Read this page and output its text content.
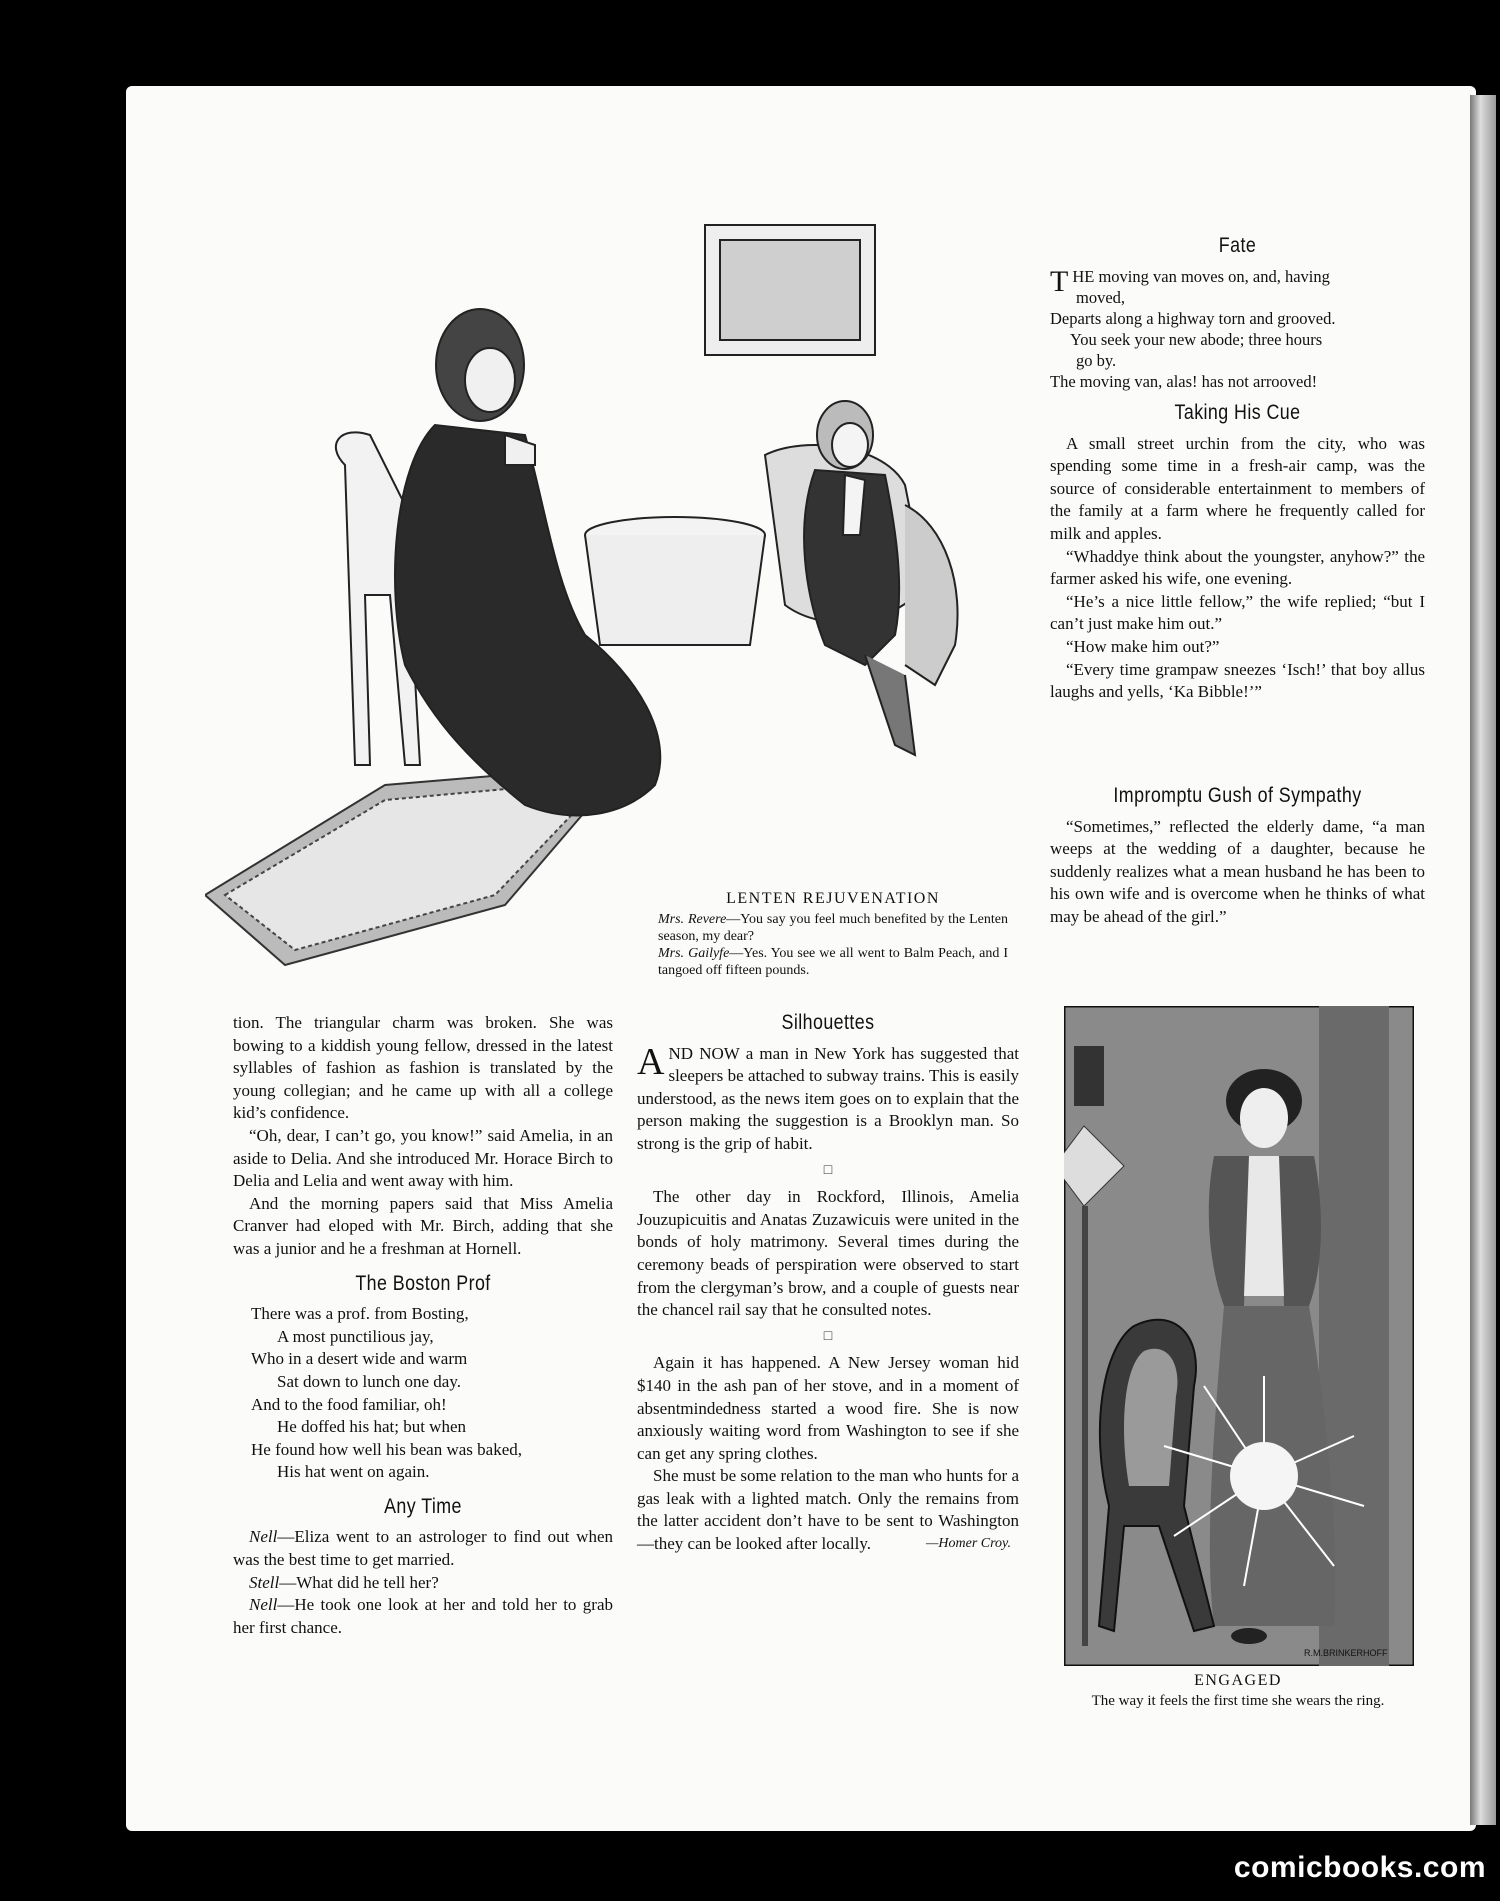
LENTEN REJUVENATION
Mrs. Revere—You say you feel much benefited by the Lenten season, my dear?
Mrs. Gailyfe—Yes. You see we all went to Balm Peach, and I tangoed off fifteen pounds.
Fate
THE moving van moves on, and, having
moved,
Departs along a highway torn and grooved.
You seek your new abode; three hours
go by.
The moving van, alas! has not arrooved!
Taking His Cue

A small street urchin from the city, who was spending some time in a fresh-air camp, was the source of considerable entertainment to members of the family at a farm where he frequently called for milk and apples.

“Whaddye think about the youngster, anyhow?” the farmer asked his wife, one evening.

“He’s a nice little fellow,” the wife replied; “but I can’t just make him out.”

“How make him out?”

“Every time grampaw sneezes ‘Isch!’ that boy allus laughs and yells, ‘Ka Bibble!’”

Impromptu Gush of Sympathy

“Sometimes,” reflected the elderly dame, “a man weeps at the wedding of a daughter, because he suddenly realizes what a mean husband he has been to his own wife and is overcome when he thinks of what may be ahead of the girl.”

tion. The triangular charm was broken. She was bowing to a kiddish young fellow, dressed in the latest syllables of fashion as fashion is translated by the young collegian; and he came up with all a college kid’s confidence.

“Oh, dear, I can’t go, you know!” said Amelia, in an aside to Delia. And she introduced Mr. Horace Birch to Delia and Lelia and went away with him.

And the morning papers said that Miss Amelia Cranver had eloped with Mr. Birch, adding that she was a junior and he a freshman at Hornell.

The Boston Prof
There was a prof. from Bosting,
A most punctilious jay,
Who in a desert wide and warm
Sat down to lunch one day.
And to the food familiar, oh!
He doffed his hat; but when
He found how well his bean was baked,
His hat went on again.
Any Time

Nell—Eliza went to an astrologer to find out when was the best time to get married.

Stell—What did he tell her?

Nell—He took one look at her and told her to grab her first chance.

Silhouettes

AND NOW a man in New York has suggested that sleepers be attached to subway trains. This is easily understood, as the news item goes on to explain that the person making the suggestion is a Brooklyn man. So strong is the grip of habit.

□

The other day in Rockford, Illinois, Amelia Jouzupicuitis and Anatas Zuzawicuis were united in the bonds of holy matrimony. Several times during the ceremony beads of perspiration were observed to start from the clergyman’s brow, and a couple of guests near the chancel rail say that he consulted notes.

□

Again it has happened. A New Jersey woman hid $140 in the ash pan of her stove, and in a moment of absentmindedness started a wood fire. She is now anxiously waiting word from Washington to see if she can get any spring clothes.

She must be some relation to the man who hunts for a gas leak with a lighted match. Only the remains from the latter accident don’t have to be sent to Washington—they can be looked after locally.	—Homer Croy.

R.M.BRINKERHOFF
ENGAGED
The way it feels the first time she wears the ring.
comicbooks.com
